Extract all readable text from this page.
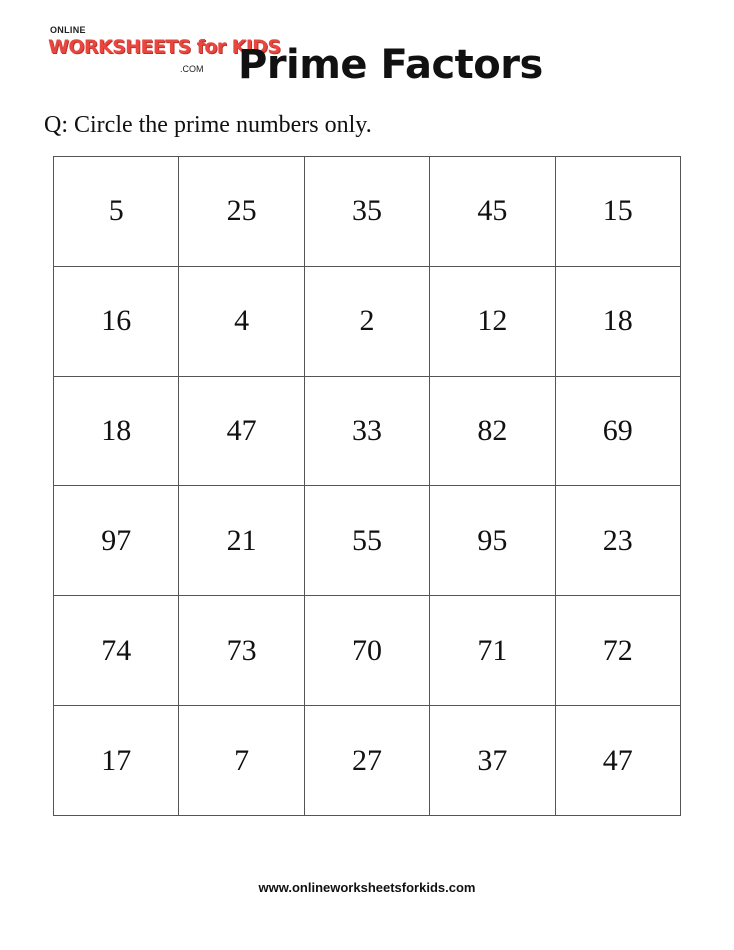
ONLINE
WORKSHEETS for KIDS
.COM Prime Factors
Q: Circle the prime numbers only.
5	25	35	45	15
16	4	2	12	18
18	47	33	82	69
97	21	55	95	23
74	73	70	71	72
17	7	27	37	47
www.onlineworksheetsforkids.com
